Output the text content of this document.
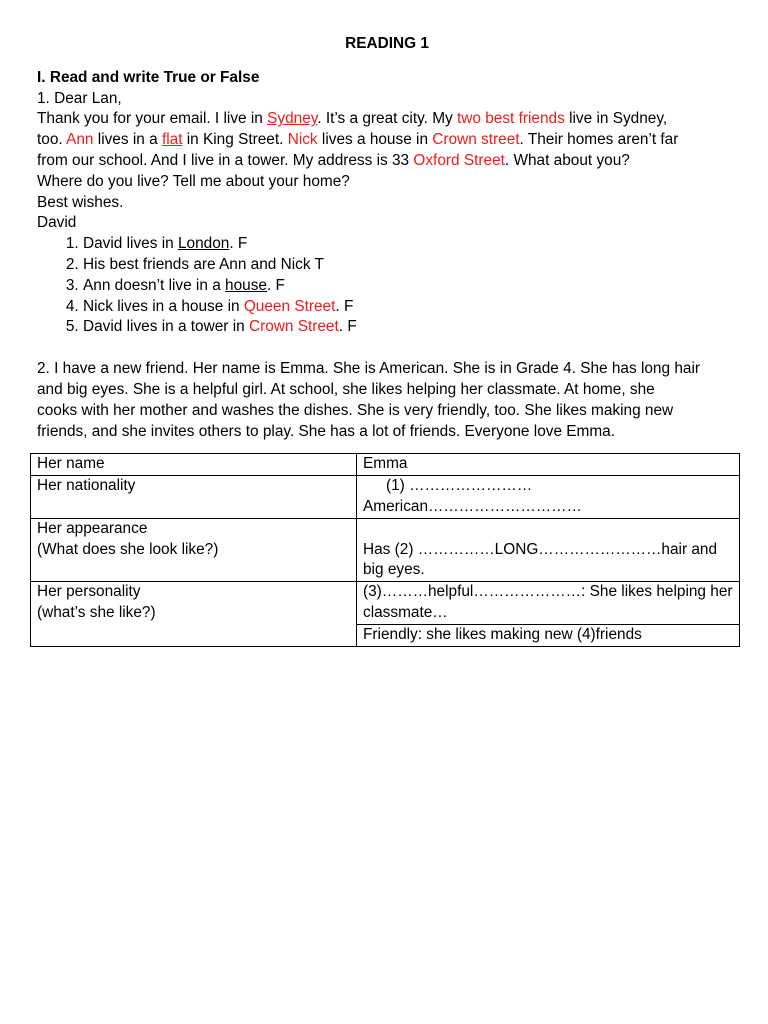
READING 1
I. Read and write True or False
1. Dear Lan,
Thank you for your email. I live in Sydney. It’s a great city. My two best friends live in Sydney,
too. Ann lives in a flat in King Street. Nick lives a house in Crown street. Their homes aren’t far
from our school. And I live in a tower. My address is 33 Oxford Street. What about you?
Where do you live? Tell me about your home?
Best wishes.
David
1. David lives in London. F
2. His best friends are Ann and Nick T
3. Ann doesn’t live in a house. F
4. Nick lives in a house in Queen Street. F
5. David lives in a tower in Crown Street. F
2. I have a new friend. Her name is Emma. She is American. She is in Grade 4. She has long hair
and big eyes. She is a helpful girl. At school, she likes helping her classmate. At home, she
cooks with her mother and washes the dishes. She is very friendly, too. She likes making new
friends, and she invites others to play. She has a lot of friends. Everyone love Emma.
Her name	Emma
Her nationality	(1) ……………………American…………………………

Her appearance
(What does she look like?)	Has (2) ……………LONG……………………hair and big eyes.

Her personality
(what’s she like?)	(3)………helpful…………………: She likes helping her classmate…
	Friendly: she likes making new (4)friends
